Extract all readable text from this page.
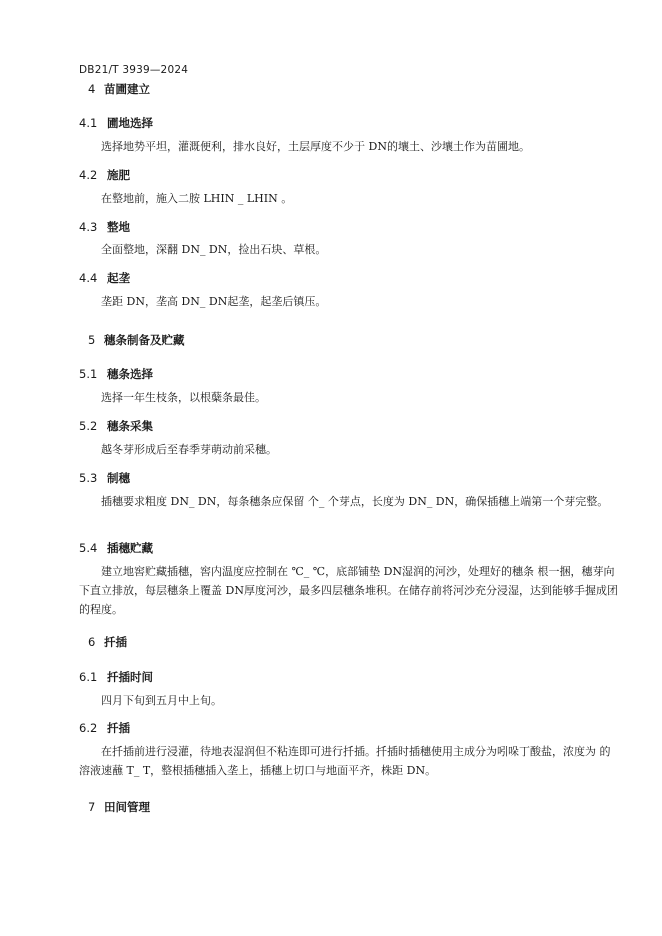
DB21/T 3939—2024
4 苗圃建立
4.1 圃地选择
选择地势平坦，灌溉便利，排水良好，土层厚度不少于 DN的壤土、沙壤土作为苗圃地。
4.2 施肥
在整地前，施入二胺 LHIN _ LHIN 。
4.3 整地
全面整地，深翻 DN_ DN，捡出石块、草根。
4.4 起垄
垄距 DN，垄高 DN_ DN起垄，起垄后镇压。
5 穗条制备及贮藏
5.1 穗条选择
选择一年生枝条，以根蘖条最佳。
5.2 穗条采集
越冬芽形成后至春季芽萌动前采穗。
5.3 制穗
插穗要求粗度 DN_ DN，每条穗条应保留 个_ 个芽点，长度为 DN_ DN，确保插穗上端第一个芽完整。
5.4 插穗贮藏
建立地窖贮藏插穗，窖内温度应控制在 ℃_ ℃，底部铺垫 DN湿润的河沙，处理好的穗条 根一捆，穗芽向下直立排放，每层穗条上覆盖 DN厚度河沙，最多四层穗条堆积。在储存前将河沙充分浸湿，达到能够手握成团的程度。
6 扦插
6.1 扦插时间
四月下旬到五月中上旬。
6.2 扦插
在扦插前进行浸灌，待地表湿润但不粘连即可进行扦插。扦插时插穗使用主成分为吲哚丁酸盐，浓度为 的溶液速蘸 T_ T，整根插穗插入垄上，插穗上切口与地面平齐，株距 DN。
7 田间管理
